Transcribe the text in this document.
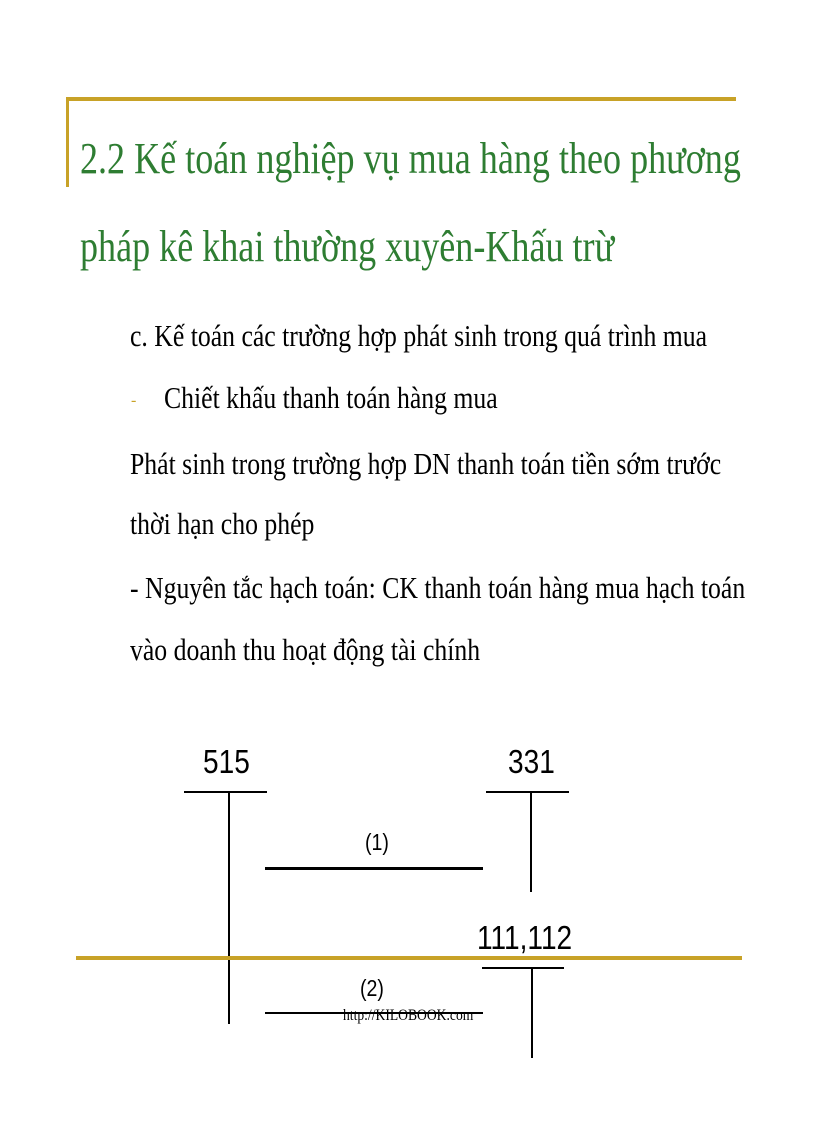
2.2 Kế toán nghiệp vụ mua hàng theo phương
pháp kê khai thường xuyên-Khấu trừ

c. Kế toán các trường hợp phát sinh trong quá trình mua

- Chiết khấu thanh toán hàng mua

Phát sinh trong trường hợp DN thanh toán tiền sớm trước

thời hạn cho phép

- Nguyên tắc hạch toán: CK thanh toán hàng mua hạch toán

vào doanh thu hoạt động tài chính

515	331
(1)
111,112
(2)
http://KILOBOOK.com
